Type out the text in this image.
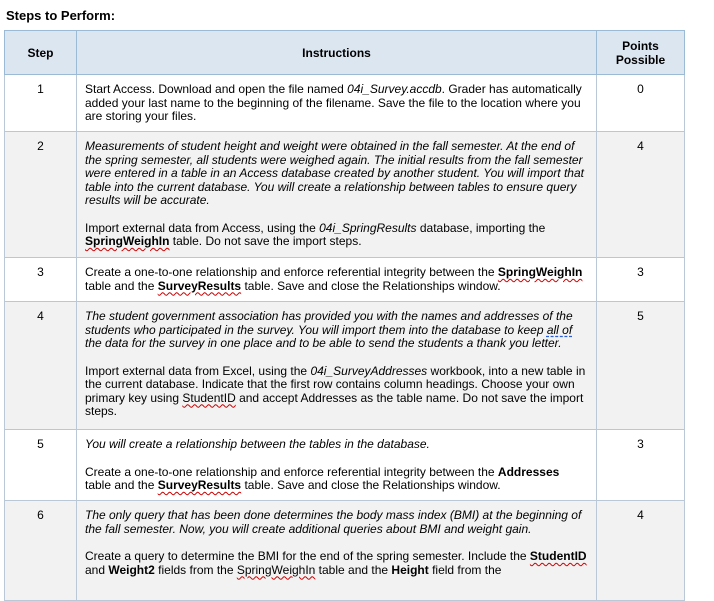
Steps to Perform:
Step	Instructions	Points Possible
1	Start Access. Download and open the file named 04i_Survey.accdb. Grader has automatically added your last name to the beginning of the filename. Save the file to the location where you are storing your files.	0
2	Measurements of student height and weight were obtained in the fall semester. At the end of the spring semester, all students were weighed again. The initial results from the fall semester were entered in a table in an Access database created by another student. You will import that table into the current database. You will create a relationship between tables to ensure query results will be accurate.

Import external data from Access, using the 04i_SpringResults database, importing the SpringWeighIn table. Do not save the import steps.	4
3	Create a one-to-one relationship and enforce referential integrity between the SpringWeighIn table and the SurveyResults table. Save and close the Relationships window.	3
4	The student government association has provided you with the names and addresses of the students who participated in the survey. You will import them into the database to keep all of the data for the survey in one place and to be able to send the students a thank you letter.

Import external data from Excel, using the 04i_SurveyAddresses workbook, into a new table in the current database. Indicate that the first row contains column headings. Choose your own primary key using StudentID and accept Addresses as the table name. Do not save the import steps.	5
5	You will create a relationship between the tables in the database.

Create a one-to-one relationship and enforce referential integrity between the Addresses table and the SurveyResults table. Save and close the Relationships window.	3
6	The only query that has been done determines the body mass index (BMI) at the beginning of the fall semester. Now, you will create additional queries about BMI and weight gain.

Create a query to determine the BMI for the end of the spring semester. Include the StudentID and Weight2 fields from the SpringWeighIn table and the Height field from the	4
